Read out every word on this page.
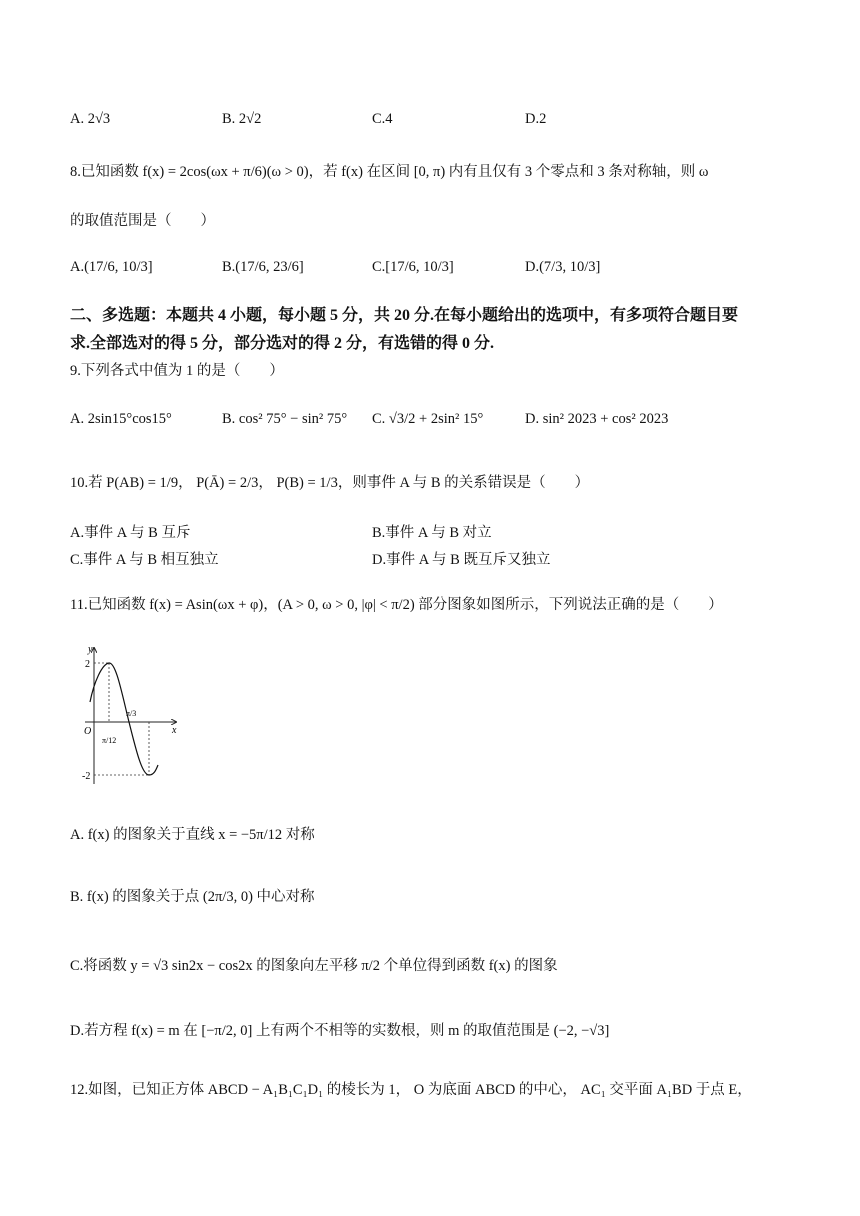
A. 2√3	B. 2√2	C.4	D.2
8.已知函数 f(x) = 2cos(ωx + π/6)(ω > 0)，若 f(x) 在区间 [0, π) 内有且仅有 3 个零点和 3 条对称轴，则 ω
的取值范围是（　　）
A.(17/6, 10/3]	B.(17/6, 23/6]	C.[17/6, 10/3]	D.(7/3, 10/3]
二、多选题：本题共 4 小题，每小题 5 分，共 20 分.在每小题给出的选项中，有多项符合题目要
求.全部选对的得 5 分，部分选对的得 2 分，有选错的得 0 分.
9.下列各式中值为 1 的是（　　）
A. 2sin15°cos15°	B. cos² 75° − sin² 75° C. √3/2 + 2sin² 15°	D. sin² 2023 + cos² 2023
10.若 P(AB) = 1/9， P(Ā) = 2/3， P(B) = 1/3，则事件 A 与 B 的关系错误是（　　）
A.事件 A 与 B 互斥	B.事件 A 与 B 对立
C.事件 A 与 B 相互独立	D.事件 A 与 B 既互斥又独立
11.已知函数 f(x) = Asin(ωx + φ)，(A > 0, ω > 0, |φ| < π/2) 部分图象如图所示，下列说法正确的是（　　）
y
x
O
2
-2
π/12
π/3
A. f(x) 的图象关于直线 x = −5π/12 对称
B. f(x) 的图象关于点 (2π/3, 0) 中心对称
C.将函数 y = √3 sin2x − cos2x 的图象向左平移 π/2 个单位得到函数 f(x) 的图象
D.若方程 f(x) = m 在 [−π/2, 0] 上有两个不相等的实数根，则 m 的取值范围是 (−2, −√3]
12.如图，已知正方体 ABCD − A₁B₁C₁D₁ 的棱长为 1， O 为底面 ABCD 的中心， AC₁ 交平面 A₁BD 于点 E，
